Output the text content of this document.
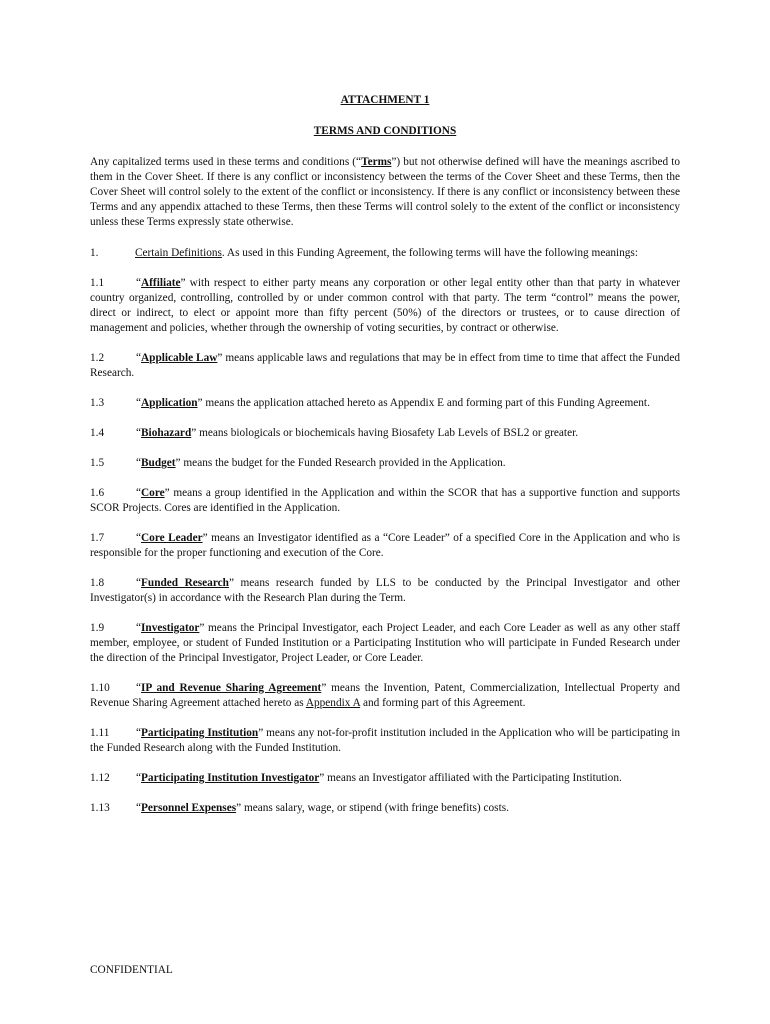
ATTACHMENT 1
TERMS AND CONDITIONS

Any capitalized terms used in these terms and conditions (“Terms”) but not otherwise defined will have the meanings ascribed to them in the Cover Sheet. If there is any conflict or inconsistency between the terms of the Cover Sheet and these Terms, then the Cover Sheet will control solely to the extent of the conflict or inconsistency. If there is any conflict or inconsistency between these Terms and any appendix attached to these Terms, then these Terms will control solely to the extent of the conflict or inconsistency unless these Terms expressly state otherwise.

1.	Certain Definitions. As used in this Funding Agreement, the following terms will have the following meanings:

1.1	“Affiliate” with respect to either party means any corporation or other legal entity other than that party in whatever country organized, controlling, controlled by or under common control with that party. The term “control” means the power, direct or indirect, to elect or appoint more than fifty percent (50%) of the directors or trustees, or to cause direction of management and policies, whether through the ownership of voting securities, by contract or otherwise.

1.2	“Applicable Law” means applicable laws and regulations that may be in effect from time to time that affect the Funded Research.

1.3	“Application” means the application attached hereto as Appendix E and forming part of this Funding Agreement.

1.4	“Biohazard” means biologicals or biochemicals having Biosafety Lab Levels of BSL2 or greater.

1.5	“Budget” means the budget for the Funded Research provided in the Application.

1.6	“Core” means a group identified in the Application and within the SCOR that has a supportive function and supports SCOR Projects. Cores are identified in the Application.

1.7	“Core Leader” means an Investigator identified as a “Core Leader” of a specified Core in the Application and who is responsible for the proper functioning and execution of the Core.

1.8	“Funded Research” means research funded by LLS to be conducted by the Principal Investigator and other Investigator(s) in accordance with the Research Plan during the Term.

1.9	“Investigator” means the Principal Investigator, each Project Leader, and each Core Leader as well as any other staff member, employee, or student of Funded Institution or a Participating Institution who will participate in Funded Research under the direction of the Principal Investigator, Project Leader, or Core Leader.

1.10 “IP and Revenue Sharing Agreement” means the Invention, Patent, Commercialization, Intellectual Property and Revenue Sharing Agreement attached hereto as Appendix A and forming part of this Agreement.

1.11 “Participating Institution” means any not-for-profit institution included in the Application who will be participating in the Funded Research along with the Funded Institution.

1.12 “Participating Institution Investigator” means an Investigator affiliated with the Participating Institution.

1.13 “Personnel Expenses” means salary, wage, or stipend (with fringe benefits) costs.

CONFIDENTIAL
